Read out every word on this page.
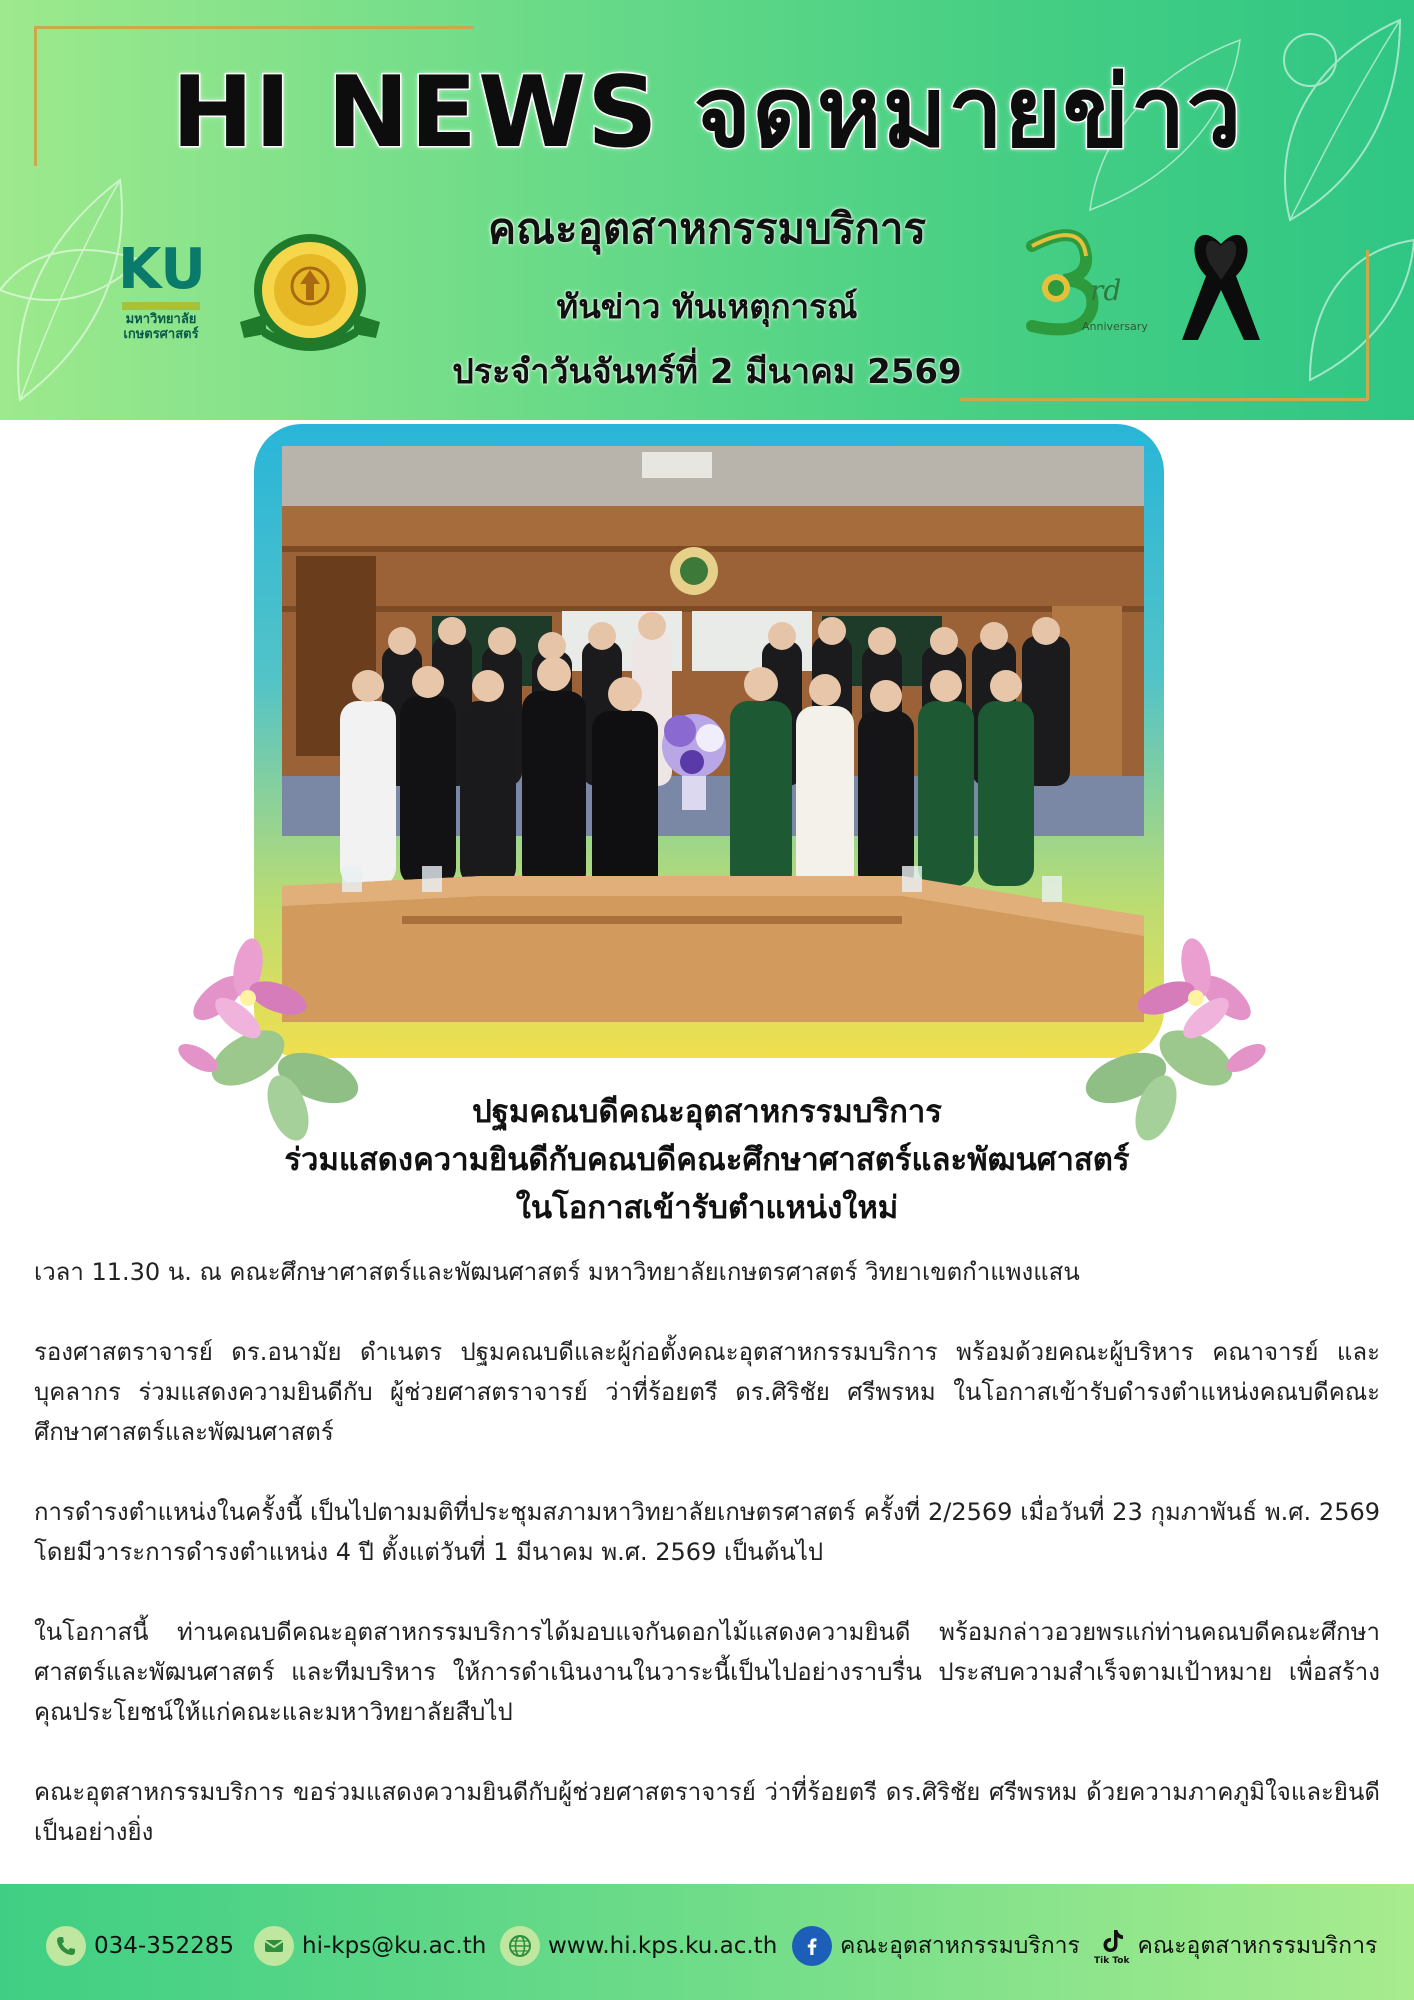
HI NEWS จดหมายข่าว
คณะอุตสาหกรรมบริการ
ทันข่าว ทันเหตุการณ์
ประจำวันจันทร์ที่ 2 มีนาคม 2569
KU
มหาวิทยาลัย
เกษตรศาสตร์
rd
Anniversary
ปฐมคณบดีคณะอุตสาหกรรมบริการ
ร่วมแสดงความยินดีกับคณบดีคณะศึกษาศาสตร์และพัฒนศาสตร์
ในโอกาสเข้ารับตำแหน่งใหม่

เวลา 11.30 น. ณ คณะศึกษาศาสตร์และพัฒนศาสตร์ มหาวิทยาลัยเกษตรศาสตร์ วิทยาเขตกำแพงแสน

รองศาสตราจารย์ ดร.อนามัย ดำเนตร ปฐมคณบดีและผู้ก่อตั้งคณะอุตสาหกรรมบริการ พร้อมด้วยคณะผู้บริหาร คณาจารย์ และบุคลากร ร่วมแสดงความยินดีกับ ผู้ช่วยศาสตราจารย์ ว่าที่ร้อยตรี ดร.ศิริชัย ศรีพรหม ในโอกาสเข้ารับดำรงตำแหน่งคณบดีคณะศึกษาศาสตร์และพัฒนศาสตร์

การดำรงตำแหน่งในครั้งนี้ เป็นไปตามมติที่ประชุมสภามหาวิทยาลัยเกษตรศาสตร์ ครั้งที่ 2/2569 เมื่อวันที่ 23 กุมภาพันธ์ พ.ศ. 2569 โดยมีวาระการดำรงตำแหน่ง 4 ปี ตั้งแต่วันที่ 1 มีนาคม พ.ศ. 2569 เป็นต้นไป

ในโอกาสนี้ ท่านคณบดีคณะอุตสาหกรรมบริการได้มอบแจกันดอกไม้แสดงความยินดี พร้อมกล่าวอวยพรแก่ท่านคณบดีคณะศึกษาศาสตร์และพัฒนศาสตร์ และทีมบริหาร ให้การดำเนินงานในวาระนี้เป็นไปอย่างราบรื่น ประสบความสำเร็จตามเป้าหมาย เพื่อสร้างคุณประโยชน์ให้แก่คณะและมหาวิทยาลัยสืบไป

คณะอุตสาหกรรมบริการ ขอร่วมแสดงความยินดีกับผู้ช่วยศาสตราจารย์ ว่าที่ร้อยตรี ดร.ศิริชัย ศรีพรหม ด้วยความภาคภูมิใจและยินดีเป็นอย่างยิ่ง

034-352285	hi-kps@ku.ac.th	www.hi.kps.ku.ac.th	คณะอุตสาหกรรมบริการ
Tik Tok
คณะอุตสาหกรรมบริการ
